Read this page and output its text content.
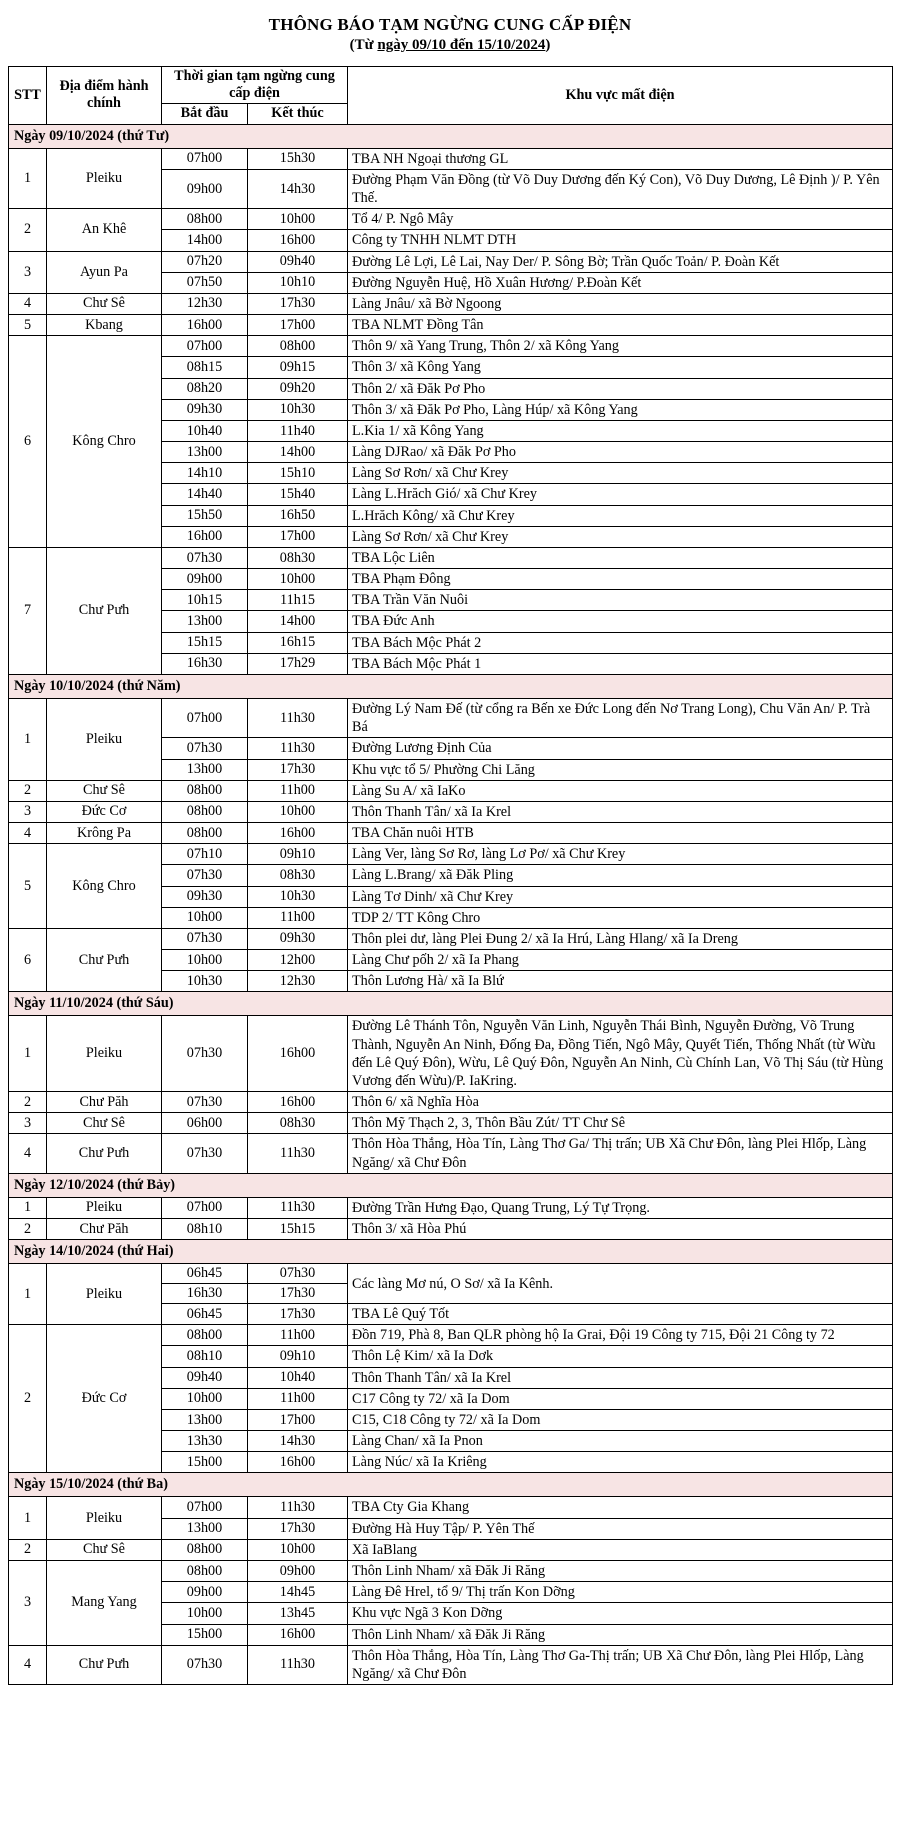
THÔNG BÁO TẠM NGỪNG CUNG CẤP ĐIỆN
(Từ ngày 09/10 đến 15/10/2024)
STT	Địa điểm hành chính	Thời gian tạm ngừng cung cấp điện		Khu vực mất điện
		Bắt đầu	Kết thúc	
Ngày 09/10/2024 (thứ Tư)				
1	Pleiku	07h00	15h30	TBA NH Ngoại thương GL
		09h00	14h30	Đường Phạm Văn Đồng (từ Võ Duy Dương đến Ký Con), Võ Duy Dương, Lê Định )/ P. Yên Thế.
2	An Khê	08h00	10h00	Tổ 4/ P. Ngô Mây
		14h00	16h00	Công ty TNHH NLMT DTH
3	Ayun Pa	07h20	09h40	Đường Lê Lợi, Lê Lai, Nay Der/ P. Sông Bờ; Trần Quốc Toản/ P. Đoàn Kết
		07h50	10h10	Đường Nguyễn Huệ, Hồ Xuân Hương/ P.Đoàn Kết
4	Chư Sê	12h30	17h30	Làng Jnâu/ xã Bờ Ngoong
5	Kbang	16h00	17h00	TBA NLMT Đồng Tân
6	Kông Chro	07h00	08h00	Thôn 9/ xã Yang Trung, Thôn 2/ xã Kông Yang
		08h15	09h15	Thôn 3/ xã Kông Yang
		08h20	09h20	Thôn 2/ xã Đăk Pơ Pho
		09h30	10h30	Thôn 3/ xã Đăk Pơ Pho, Làng Húp/ xã Kông Yang
		10h40	11h40	L.Kia 1/ xã Kông Yang
		13h00	14h00	Làng DJRao/ xã Đăk Pơ Pho
		14h10	15h10	Làng Sơ Rơn/ xã Chư Krey
		14h40	15h40	Làng L.Hrăch Gió/ xã Chư Krey
		15h50	16h50	L.Hrăch Kông/ xã Chư Krey
		16h00	17h00	Làng Sơ Rơn/ xã Chư Krey
7	Chư Pưh	07h30	08h30	TBA Lộc Liên
		09h00	10h00	TBA Phạm Đông
		10h15	11h15	TBA Trần Văn Nuôi
		13h00	14h00	TBA Đức Anh
		15h15	16h15	TBA Bách Mộc Phát 2
		16h30	17h29	TBA Bách Mộc Phát 1
Ngày 10/10/2024 (thứ Năm)				
1	Pleiku	07h00	11h30	Đường Lý Nam Đế (từ cổng ra Bến xe Đức Long đến Nơ Trang Long), Chu Văn An/ P. Trà Bá
		07h30	11h30	Đường Lương Định Của
		13h00	17h30	Khu vực tổ 5/ Phường Chi Lăng
2	Chư Sê	08h00	11h00	Làng Su A/ xã IaKo
3	Đức Cơ	08h00	10h00	Thôn Thanh Tân/ xã Ia Krel
4	Krông Pa	08h00	16h00	TBA Chăn nuôi HTB
5	Kông Chro	07h10	09h10	Làng Ver, làng Sơ Rơ, làng Lơ Pơ/ xã Chư Krey
		07h30	08h30	Làng L.Brang/ xã Đăk Pling
		09h30	10h30	Làng Tơ Dinh/ xã Chư Krey
		10h00	11h00	TDP 2/ TT Kông Chro
6	Chư Pưh	07h30	09h30	Thôn plei dư, làng Plei Đung 2/ xã Ia Hrú, Làng Hlang/ xã Ia Dreng
		10h00	12h00	Làng Chư pốh 2/ xã Ia Phang
		10h30	12h30	Thôn Lương Hà/ xã Ia Blứ
Ngày 11/10/2024 (thứ Sáu)				
1	Pleiku	07h30	16h00	Đường Lê Thánh Tôn, Nguyễn Văn Linh, Nguyễn Thái Bình, Nguyễn Đường, Võ Trung Thành, Nguyễn An Ninh, Đống Đa, Đồng Tiến, Ngô Mây, Quyết Tiến, Thống Nhất (từ Wừu đến Lê Quý Đôn), Wừu, Lê Quý Đôn, Nguyễn An Ninh, Cù Chính Lan, Võ Thị Sáu (từ Hùng Vương đến Wừu)/P. IaKring.
2	Chư Păh	07h30	16h00	Thôn 6/ xã Nghĩa Hòa
3	Chư Sê	06h00	08h30	Thôn Mỹ Thạch 2, 3, Thôn Bầu Zút/ TT Chư Sê
4	Chư Pưh	07h30	11h30	Thôn Hòa Thắng, Hòa Tín, Làng Thơ Ga/ Thị trấn; UB Xã Chư Đôn, làng Plei Hlốp, Làng Ngăng/ xã Chư Đôn
Ngày 12/10/2024 (thứ Bảy)				
1	Pleiku	07h00	11h30	Đường Trần Hưng Đạo, Quang Trung, Lý Tự Trọng.
2	Chư Păh	08h10	15h15	Thôn 3/ xã Hòa Phú
Ngày 14/10/2024 (thứ Hai)				
1	Pleiku	06h45	07h30	Các làng Mơ nú, O Sơ/ xã Ia Kênh.
		16h30	17h30	
		06h45	17h30	TBA Lê Quý Tốt
2	Đức Cơ	08h00	11h00	Đồn 719, Phà 8, Ban QLR phòng hộ Ia Grai, Đội 19 Công ty 715, Đội 21 Công ty 72
		08h10	09h10	Thôn Lệ Kim/ xã Ia Dơk
		09h40	10h40	Thôn Thanh Tân/ xã Ia Krel
		10h00	11h00	C17 Công ty 72/ xã Ia Dom
		13h00	17h00	C15, C18 Công ty 72/ xã Ia Dom
		13h30	14h30	Làng Chan/ xã Ia Pnon
		15h00	16h00	Làng Núc/ xã Ia Kriêng
Ngày 15/10/2024 (thứ Ba)				
1	Pleiku	07h00	11h30	TBA Cty Gia Khang
		13h00	17h30	Đường Hà Huy Tập/ P. Yên Thế
2	Chư Sê	08h00	10h00	Xã IaBlang
3	Mang Yang	08h00	09h00	Thôn Linh Nham/ xã Đăk Ji Răng
		09h00	14h45	Làng Đê Hrel, tổ 9/ Thị trấn Kon Dỡng
		10h00	13h45	Khu vực Ngã 3 Kon Dỡng
		15h00	16h00	Thôn Linh Nham/ xã Đăk Ji Răng
4	Chư Pưh	07h30	11h30	Thôn Hòa Thắng, Hòa Tín, Làng Thơ Ga-Thị trấn; UB Xã Chư Đôn, làng Plei Hlốp, Làng Ngăng/ xã Chư Đôn
